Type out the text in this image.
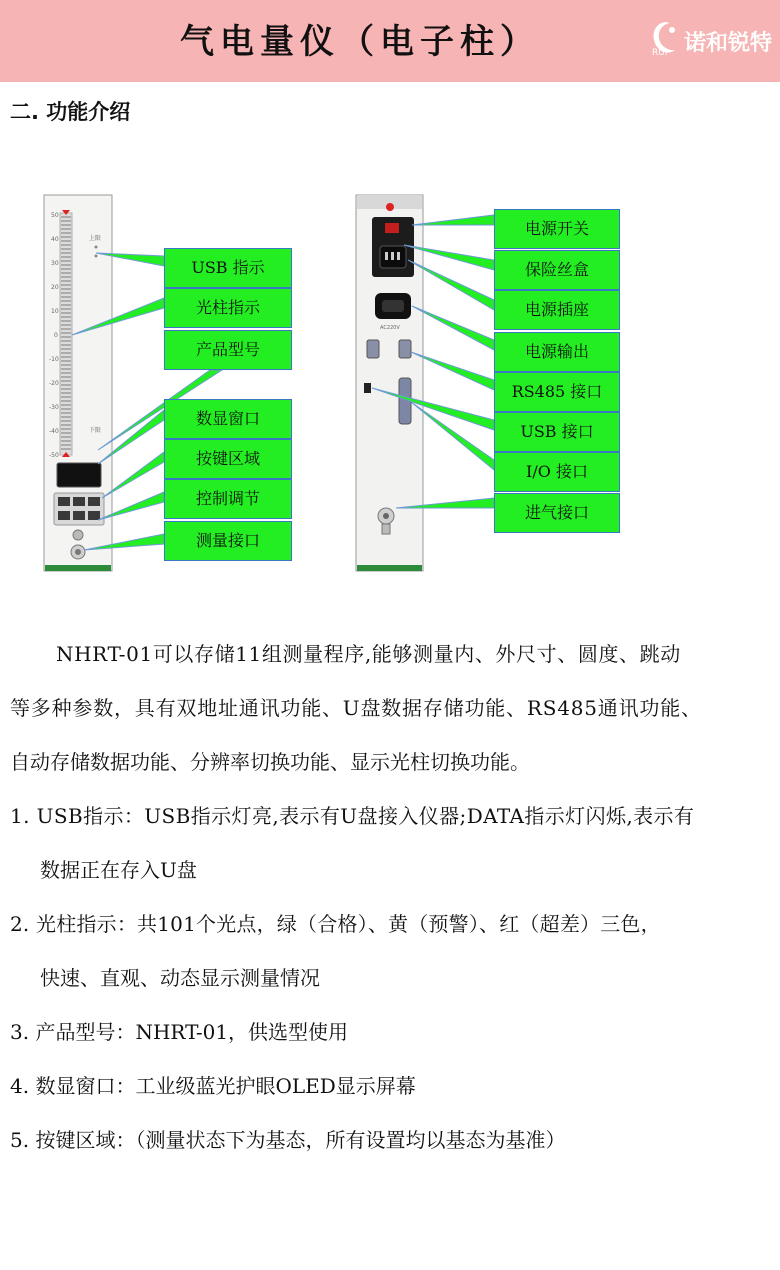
气电量仪（电子柱）	RUI 诺和锐特
二. 功能介绍
50
40
30
20
10
0
-10
-20
-30
-40
-50
上限
下限
AC220V
USB 指示
光柱指示
产品型号
数显窗口
按键区域
控制调节
测量接口
电源开关
保险丝盒
电源插座
电源输出
RS485 接口
USB 接口
I/O 接口
进气接口
NHRT-01可以存储11组测量程序,能够测量内、外尺寸、圆度、跳动
等多种参数，具有双地址通讯功能、U盘数据存储功能、RS485通讯功能、
自动存储数据功能、分辨率切换功能、显示光柱切换功能。
1. USB指示：USB指示灯亮,表示有U盘接入仪器;DATA指示灯闪烁,表示有
数据正在存入U盘
2. 光柱指示：共101个光点，绿（合格）、黄（预警）、红（超差）三色，
快速、直观、动态显示测量情况
3. 产品型号：NHRT-01，供选型使用
4. 数显窗口：工业级蓝光护眼OLED显示屏幕
5. 按键区域：（测量状态下为基态，所有设置均以基态为基准）
